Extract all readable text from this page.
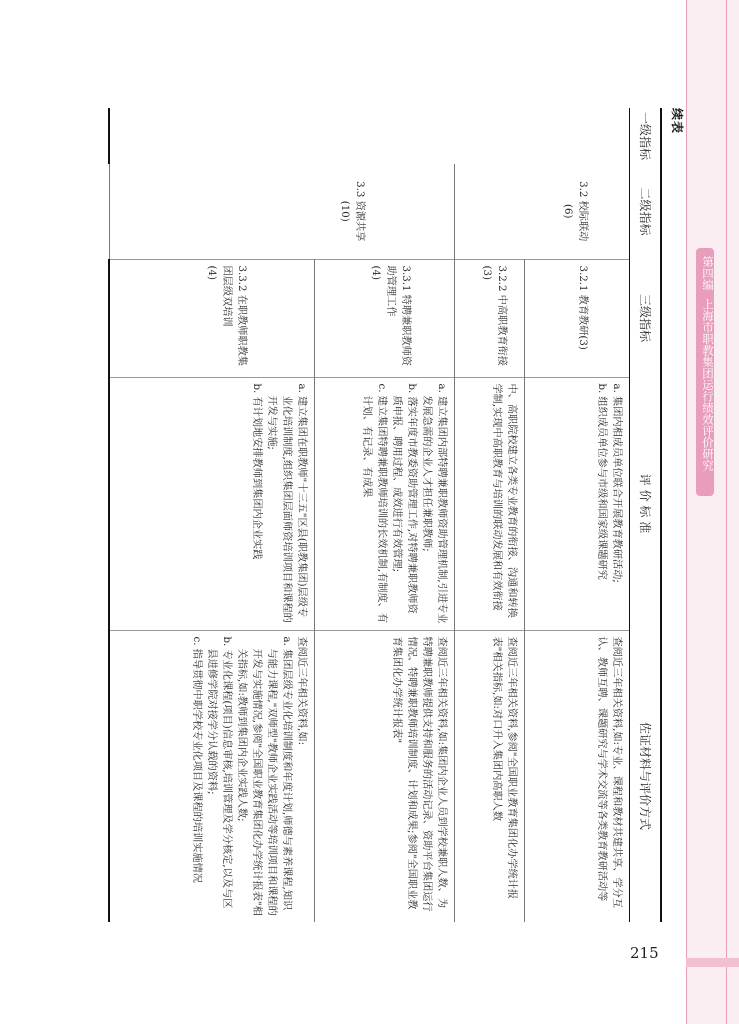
第四编上海市职教集团运行绩效评价研究
215
续表
一级指标	二级指标	三级指标	评 价 标 准	佐证材料与评价方式

	3.2 校际联动
(6)	3.2.1 教育教研(3)	a. 集团内相成员单位联合开展教育教研活动;
b. 组织成员单位参与市级和国家级课题研究	查阅近三年相关资料,如:专业、课程和教材共建共享、学分互认、教师互聘、课题研究与学术交流等各类教育教研活动等

		3.2.2 中高职教育衔接(3)	中、高职院校建立各类专业教育的衔接、沟通和转换学制,实现中高职教育与培训的联动发展和有效衔接	查阅近三年相关资料,参阅"全国职业教育集团化办学统计报表"相关指标,如:对口升入集团内高职人数

	3.3 资源共享
(10)	3.3.1 特聘兼职教师资助管理工作
(4)	a. 建立集团内部特聘兼职教师资助管理机制,引进专业发展急需的企业人才担任兼职教师;
b. 落实年度市教委资助管理工作,对特聘兼职教师资质申报、聘用过程、成效进行有效管理;
c. 建立集团特聘兼职教师培训的长效机制,有制度、有计划、有记录、有成果	查阅近三年相关资料,如:集团内企业人员到学校兼职人数、为特聘兼职教师提供支持和服务的活动记录、资助平台集团运行情况、特聘兼职教师培训制度、计划和成果;参阅"全国职业教育集团化办学统计报表"

		3.3.2 在职教师职教集团层级双培训
(4)	a. 建立集团在职教师"十三五"区县(职教集团)层级专业化培训制度,组织集团层面师资培训项目和课程的开发与实施;
b. 有计划地安排教师到集团内企业实践	查阅近三年相关资料,如:
a. 集团层级专业化培训制度和年度计划,师德与素养课程,知识与能力课程,"双师型"教师企业实践活动等培训项目和课程的开发与实施情况,参阅"全国职业教育集团化办学统计报表"相关指标,如:教师到集团内企业实践人数;
b. 专业化课程(项目)信息审核,培训管理及学分核定,以及与区县进修学院对接学分认载的资料;
c. 指导贯彻中职学校专业化项目及课程的培训实施情况
